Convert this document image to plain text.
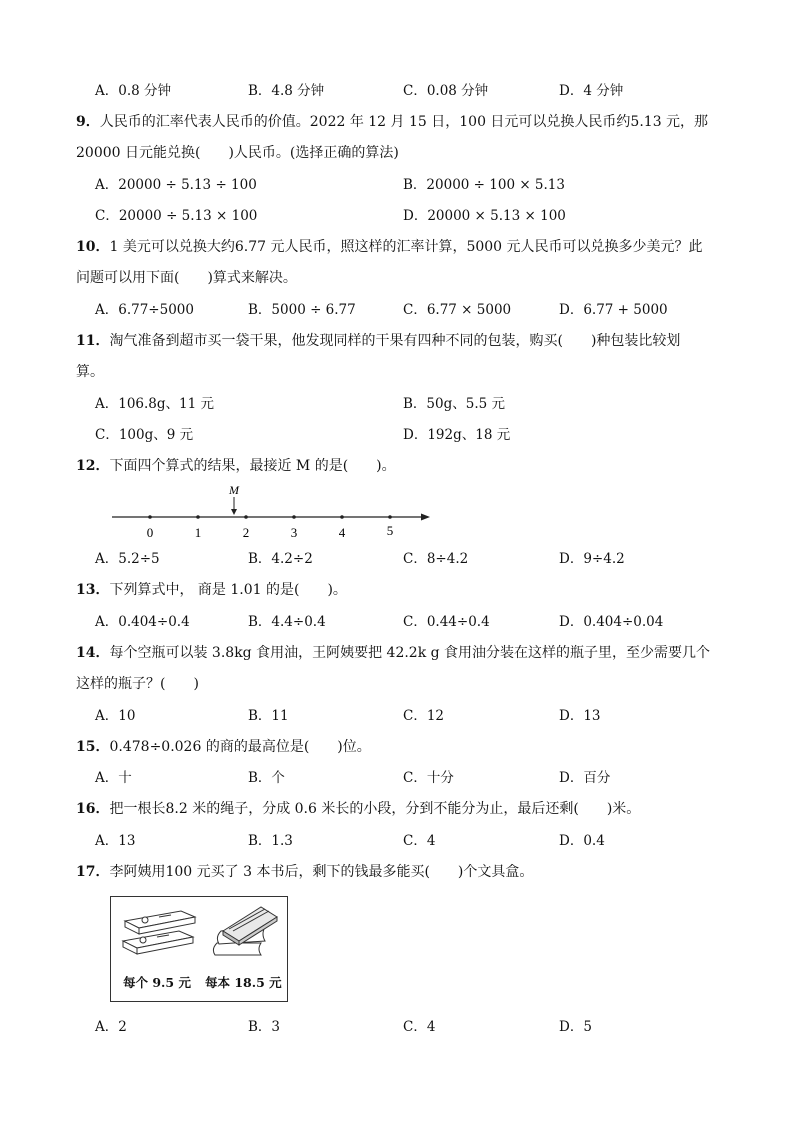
A．0.8 分钟	B．4.8 分钟	C．0.08 分钟	D．4 分钟
9．人民币的汇率代表人民币的价值。2022 年 12 月 15 日，100 日元可以兑换人民币约5.13 元，那
20000 日元能兑换(　　)人民币。(选择正确的算法)
A．20000 ÷ 5.13 ÷ 100	B．20000 ÷ 100 × 5.13
C．20000 ÷ 5.13 × 100	D．20000 × 5.13 × 100
10．1 美元可以兑换大约6.77 元人民币，照这样的汇率计算，5000 元人民币可以兑换多少美元？此
问题可以用下面(　　)算式来解决。
A．6.77÷5000	B．5000 ÷ 6.77	C．6.77 × 5000	D．6.77 + 5000
11．淘气准备到超市买一袋干果，他发现同样的干果有四种不同的包装，购买(　　)种包装比较划
算。
A．106.8g、11 元	B．50g、5.5 元
C．100g、9 元	D．192g、18 元
12．下面四个算式的结果，最接近 M 的是(　　)。
0	1	2	3	4	5
M
A．5.2÷5	B．4.2÷2	C．8÷4.2	D．9÷4.2
13．下列算式中， 商是 1.01 的是(　　)。
A．0.404÷0.4	B．4.4÷0.4	C．0.44÷0.4	D．0.404÷0.04
14．每个空瓶可以装 3.8kg 食用油，王阿姨要把 42.2k g 食用油分装在这样的瓶子里，至少需要几个
这样的瓶子？(　　)
A．10	B．11	C．12	D．13
15．0.478÷0.026 的商的最高位是(　　)位。
A．十	B．个	C．十分	D．百分
16．把一根长8.2 米的绳子，分成 0.6 米长的小段，分到不能分为止，最后还剩(　　)米。
A．13	B．1.3	C．4	D．0.4
17．李阿姨用100 元买了 3 本书后，剩下的钱最多能买(　　)个文具盒。
每个 9.5 元 每本 18.5 元
A．2	B．3	C．4	D．5
